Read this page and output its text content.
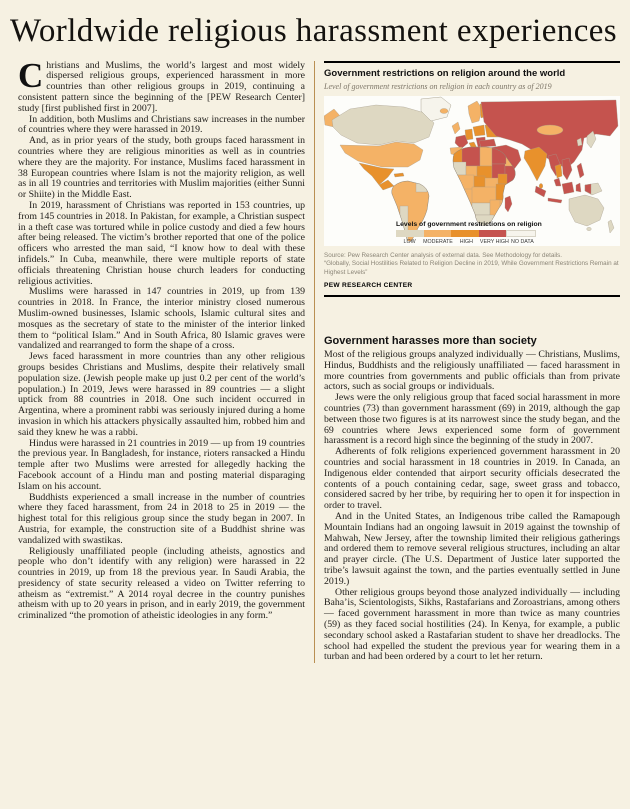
Worldwide religious harassment experiences

Christians and Muslims, the world’s largest and most widely dispersed religious groups, experienced harassment in more countries than other religious groups in 2019, continuing a consistent pattern since the beginning of the [PEW Research Center] study [first published first in 2007].

In addition, both Muslims and Christians saw increases in the number of countries where they were harassed in 2019.

And, as in prior years of the study, both groups faced harassment in countries where they are religious minorities as well as in countries where they are the majority. For instance, Muslims faced harassment in 38 European countries where Islam is not the majority religion, as well as in all 19 countries and territories with Muslim majorities (either Sunni or Shiite) in the Middle East.

In 2019, harassment of Christians was reported in 153 countries, up from 145 countries in 2018. In Pakistan, for example, a Christian suspect in a theft case was tortured while in police custody and died a few hours after being released. The victim’s brother reported that one of the police officers who arrested the man said, “I know how to deal with these infidels.” In Cuba, meanwhile, there were multiple reports of state officials threatening Christian house church leaders for conducting religious activities.

Muslims were harassed in 147 countries in 2019, up from 139 countries in 2018. In France, the interior ministry closed numerous Muslim-owned businesses, Islamic schools, Islamic cultural sites and mosques as the secretary of state to the minister of the interior linked them to “political Islam.” And in South Africa, 80 Islamic graves were vandalized and rearranged to form the shape of a cross.

Jews faced harassment in more countries than any other religious groups besides Christians and Muslims, despite their relatively small population size. (Jewish people make up just 0.2 per cent of the world’s population.) In 2019, Jews were harassed in 89 countries — a slight uptick from 88 countries in 2018. One such incident occurred in Argentina, where a prominent rabbi was seriously injured during a home invasion in which his attackers physically assaulted him, robbed him and said they knew he was a rabbi.

Hindus were harassed in 21 countries in 2019 — up from 19 countries the previous year. In Bangladesh, for instance, rioters ransacked a Hindu temple after two Muslims were arrested for allegedly hacking the Facebook account of a Hindu man and posting material disparaging Islam on his account.

Buddhists experienced a small increase in the number of countries where they faced harassment, from 24 in 2018 to 25 in 2019 — the highest total for this religious group since the study began in 2007. In Austria, for example, the construction site of a Buddhist shrine was vandalized with swastikas.

Religiously unaffiliated people (including atheists, agnostics and people who don’t identify with any religion) were harassed in 22 countries in 2019, up from 18 the previous year. In Saudi Arabia, the presidency of state security released a video on Twitter referring to atheism as “extremist.” A 2014 royal decree in the country punishes atheism with up to 20 years in prison, and in early 2019, the government criminalized “the promotion of atheistic ideologies in any form.”

Government restrictions on religion around the world
Level of government restrictions on religion in each country as of 2019
Levels of government restrictions on religion
LOW	MODERATE	HIGH	VERY HIGH NO DATA
Source: Pew Research Center analysis of external data. See Methodology for details.
“Globally, Social Hostilities Related to Religion Decline in 2019, While Government Restrictions Remain at Highest Levels”
PEW RESEARCH CENTER
Government harasses more than society

Most of the religious groups analyzed individually — Christians, Muslims, Hindus, Buddhists and the religiously unaffiliated — faced harassment in more countries from governments and public officials than from private actors, such as social groups or individuals.

Jews were the only religious group that faced social harassment in more countries (73) than government harassment (69) in 2019, although the gap between those two figures is at its narrowest since the study began, and the 69 countries where Jews experienced some form of government harassment is a record high since the beginning of the study in 2007.

Adherents of folk religions experienced government harassment in 20 countries and social harassment in 18 countries in 2019. In Canada, an Indigenous elder contended that airport security officials desecrated the contents of a pouch containing cedar, sage, sweet grass and tobacco, considered sacred by her tribe, by requiring her to open it for inspection in order to travel.

And in the United States, an Indigenous tribe called the Ramapough Mountain Indians had an ongoing lawsuit in 2019 against the township of Mahwah, New Jersey, after the township limited their religious gatherings and ordered them to remove several religious structures, including an altar and prayer circle. (The U.S. Department of Justice later supported the tribe’s lawsuit against the town, and the parties eventually settled in June 2019.)

Other religious groups beyond those analyzed individually — including Baha’is, Scientologists, Sikhs, Rastafarians and Zoroastrians, among others — faced government harassment in more than twice as many countries (59) as they faced social hostilities (24). In Kenya, for example, a public secondary school asked a Rastafarian student to shave her dreadlocks. The school had expelled the student the previous year for wearing them in a turban and had been ordered by a court to let her return.
